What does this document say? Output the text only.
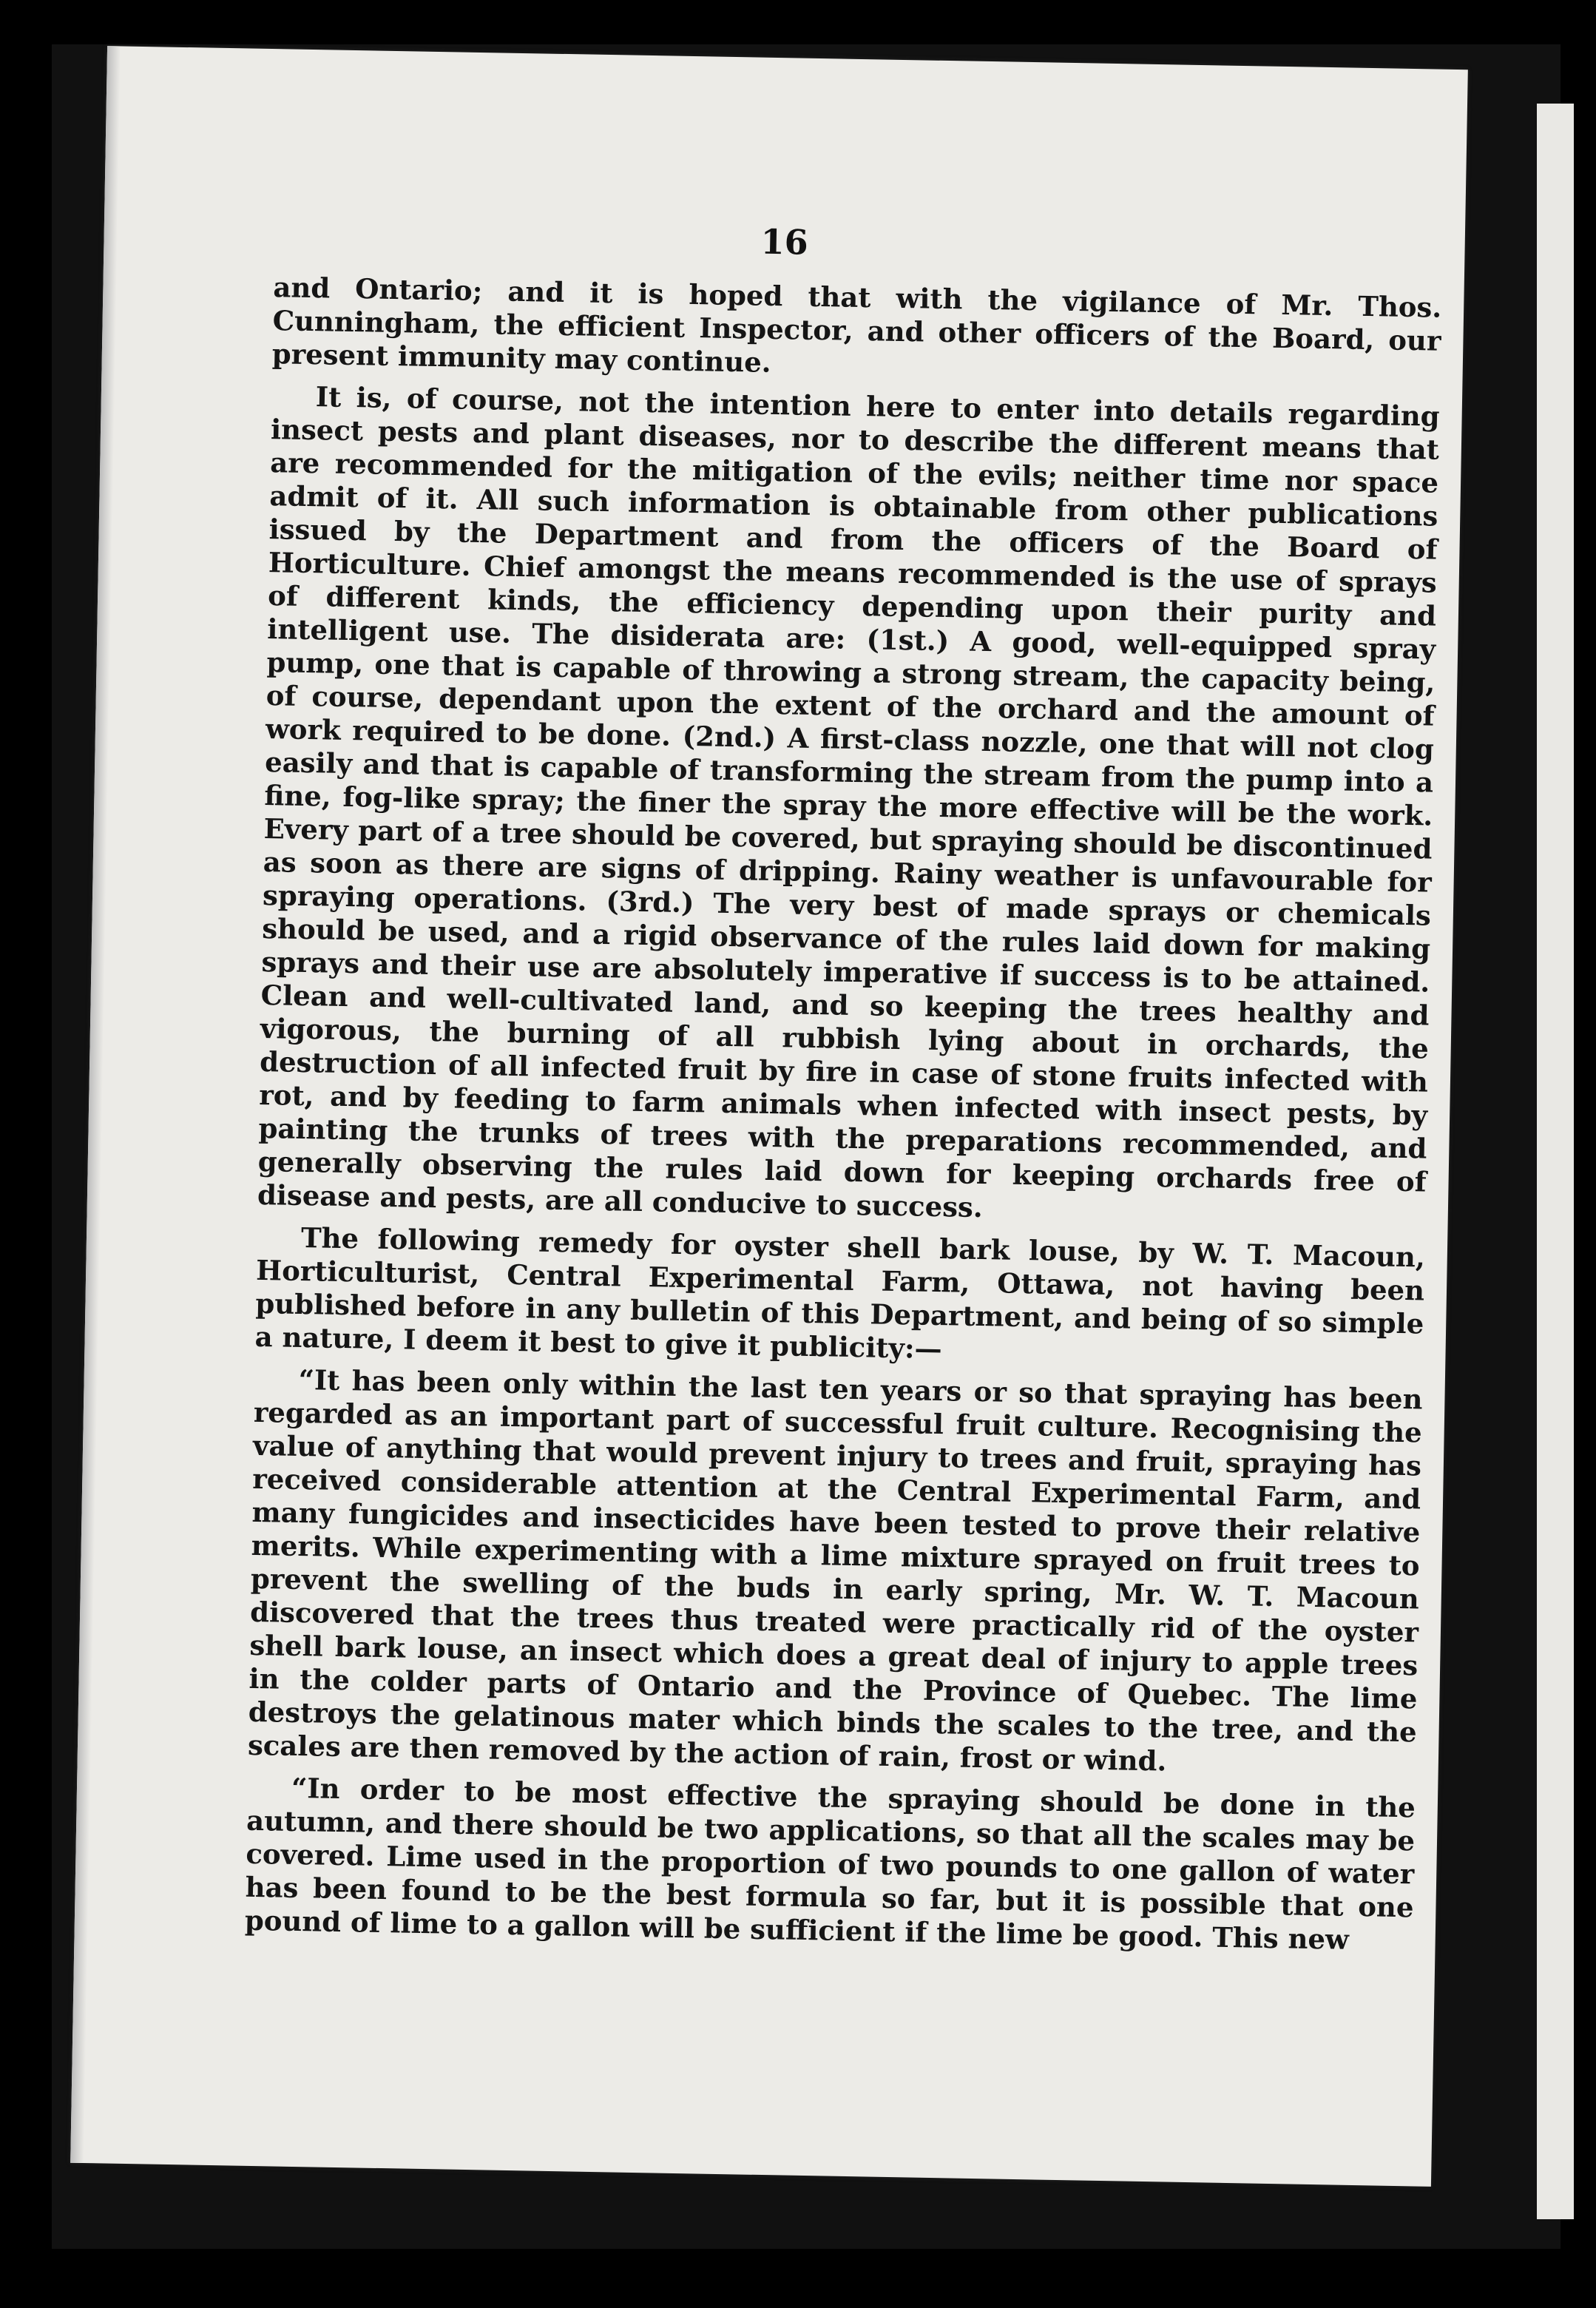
16

and Ontario; and it is hoped that with the vigilance of Mr. Thos. Cunningham, the efficient Inspector, and other officers of the Board, our present immunity may continue.

It is, of course, not the intention here to enter into details regarding insect pests and plant diseases, nor to describe the different means that are recommended for the mitigation of the evils; neither time nor space admit of it. All such information is obtainable from other publications issued by the Department and from the officers of the Board of Horticulture. Chief amongst the means recommended is the use of sprays of different kinds, the efficiency depending upon their purity and intelligent use. The disiderata are: (1st.) A good, well-equipped spray pump, one that is capable of throwing a strong stream, the capacity being, of course, dependant upon the extent of the orchard and the amount of work required to be done. (2nd.) A first-class nozzle, one that will not clog easily and that is capable of transforming the stream from the pump into a fine, fog-like spray; the finer the spray the more effective will be the work. Every part of a tree should be covered, but spraying should be discontinued as soon as there are signs of dripping. Rainy weather is unfavourable for spraying operations. (3rd.) The very best of made sprays or chemicals should be used, and a rigid observance of the rules laid down for making sprays and their use are absolutely imperative if success is to be attained. Clean and well-cultivated land, and so keeping the trees healthy and vigorous, the burning of all rubbish lying about in orchards, the destruction of all infected fruit by fire in case of stone fruits infected with rot, and by feeding to farm animals when infected with insect pests, by painting the trunks of trees with the preparations recommended, and generally observing the rules laid down for keeping orchards free of disease and pests, are all conducive to success.

The following remedy for oyster shell bark louse, by W. T. Macoun, Horticulturist, Central Experimental Farm, Ottawa, not having been published before in any bulletin of this Department, and being of so simple a nature, I deem it best to give it publicity:—

“It has been only within the last ten years or so that spraying has been regarded as an important part of successful fruit culture. Recognising the value of anything that would prevent injury to trees and fruit, spraying has received considerable attention at the Central Experimental Farm, and many fungicides and insecticides have been tested to prove their relative merits. While experimenting with a lime mixture sprayed on fruit trees to prevent the swelling of the buds in early spring, Mr. W. T. Macoun discovered that the trees thus treated were practically rid of the oyster shell bark louse, an insect which does a great deal of injury to apple trees in the colder parts of Ontario and the Province of Quebec. The lime destroys the gelatinous mater which binds the scales to the tree, and the scales are then removed by the action of rain, frost or wind.

“In order to be most effective the spraying should be done in the autumn, and there should be two applications, so that all the scales may be covered. Lime used in the proportion of two pounds to one gallon of water has been found to be the best formula so far, but it is possible that one pound of lime to a gallon will be sufficient if the lime be good. This new
